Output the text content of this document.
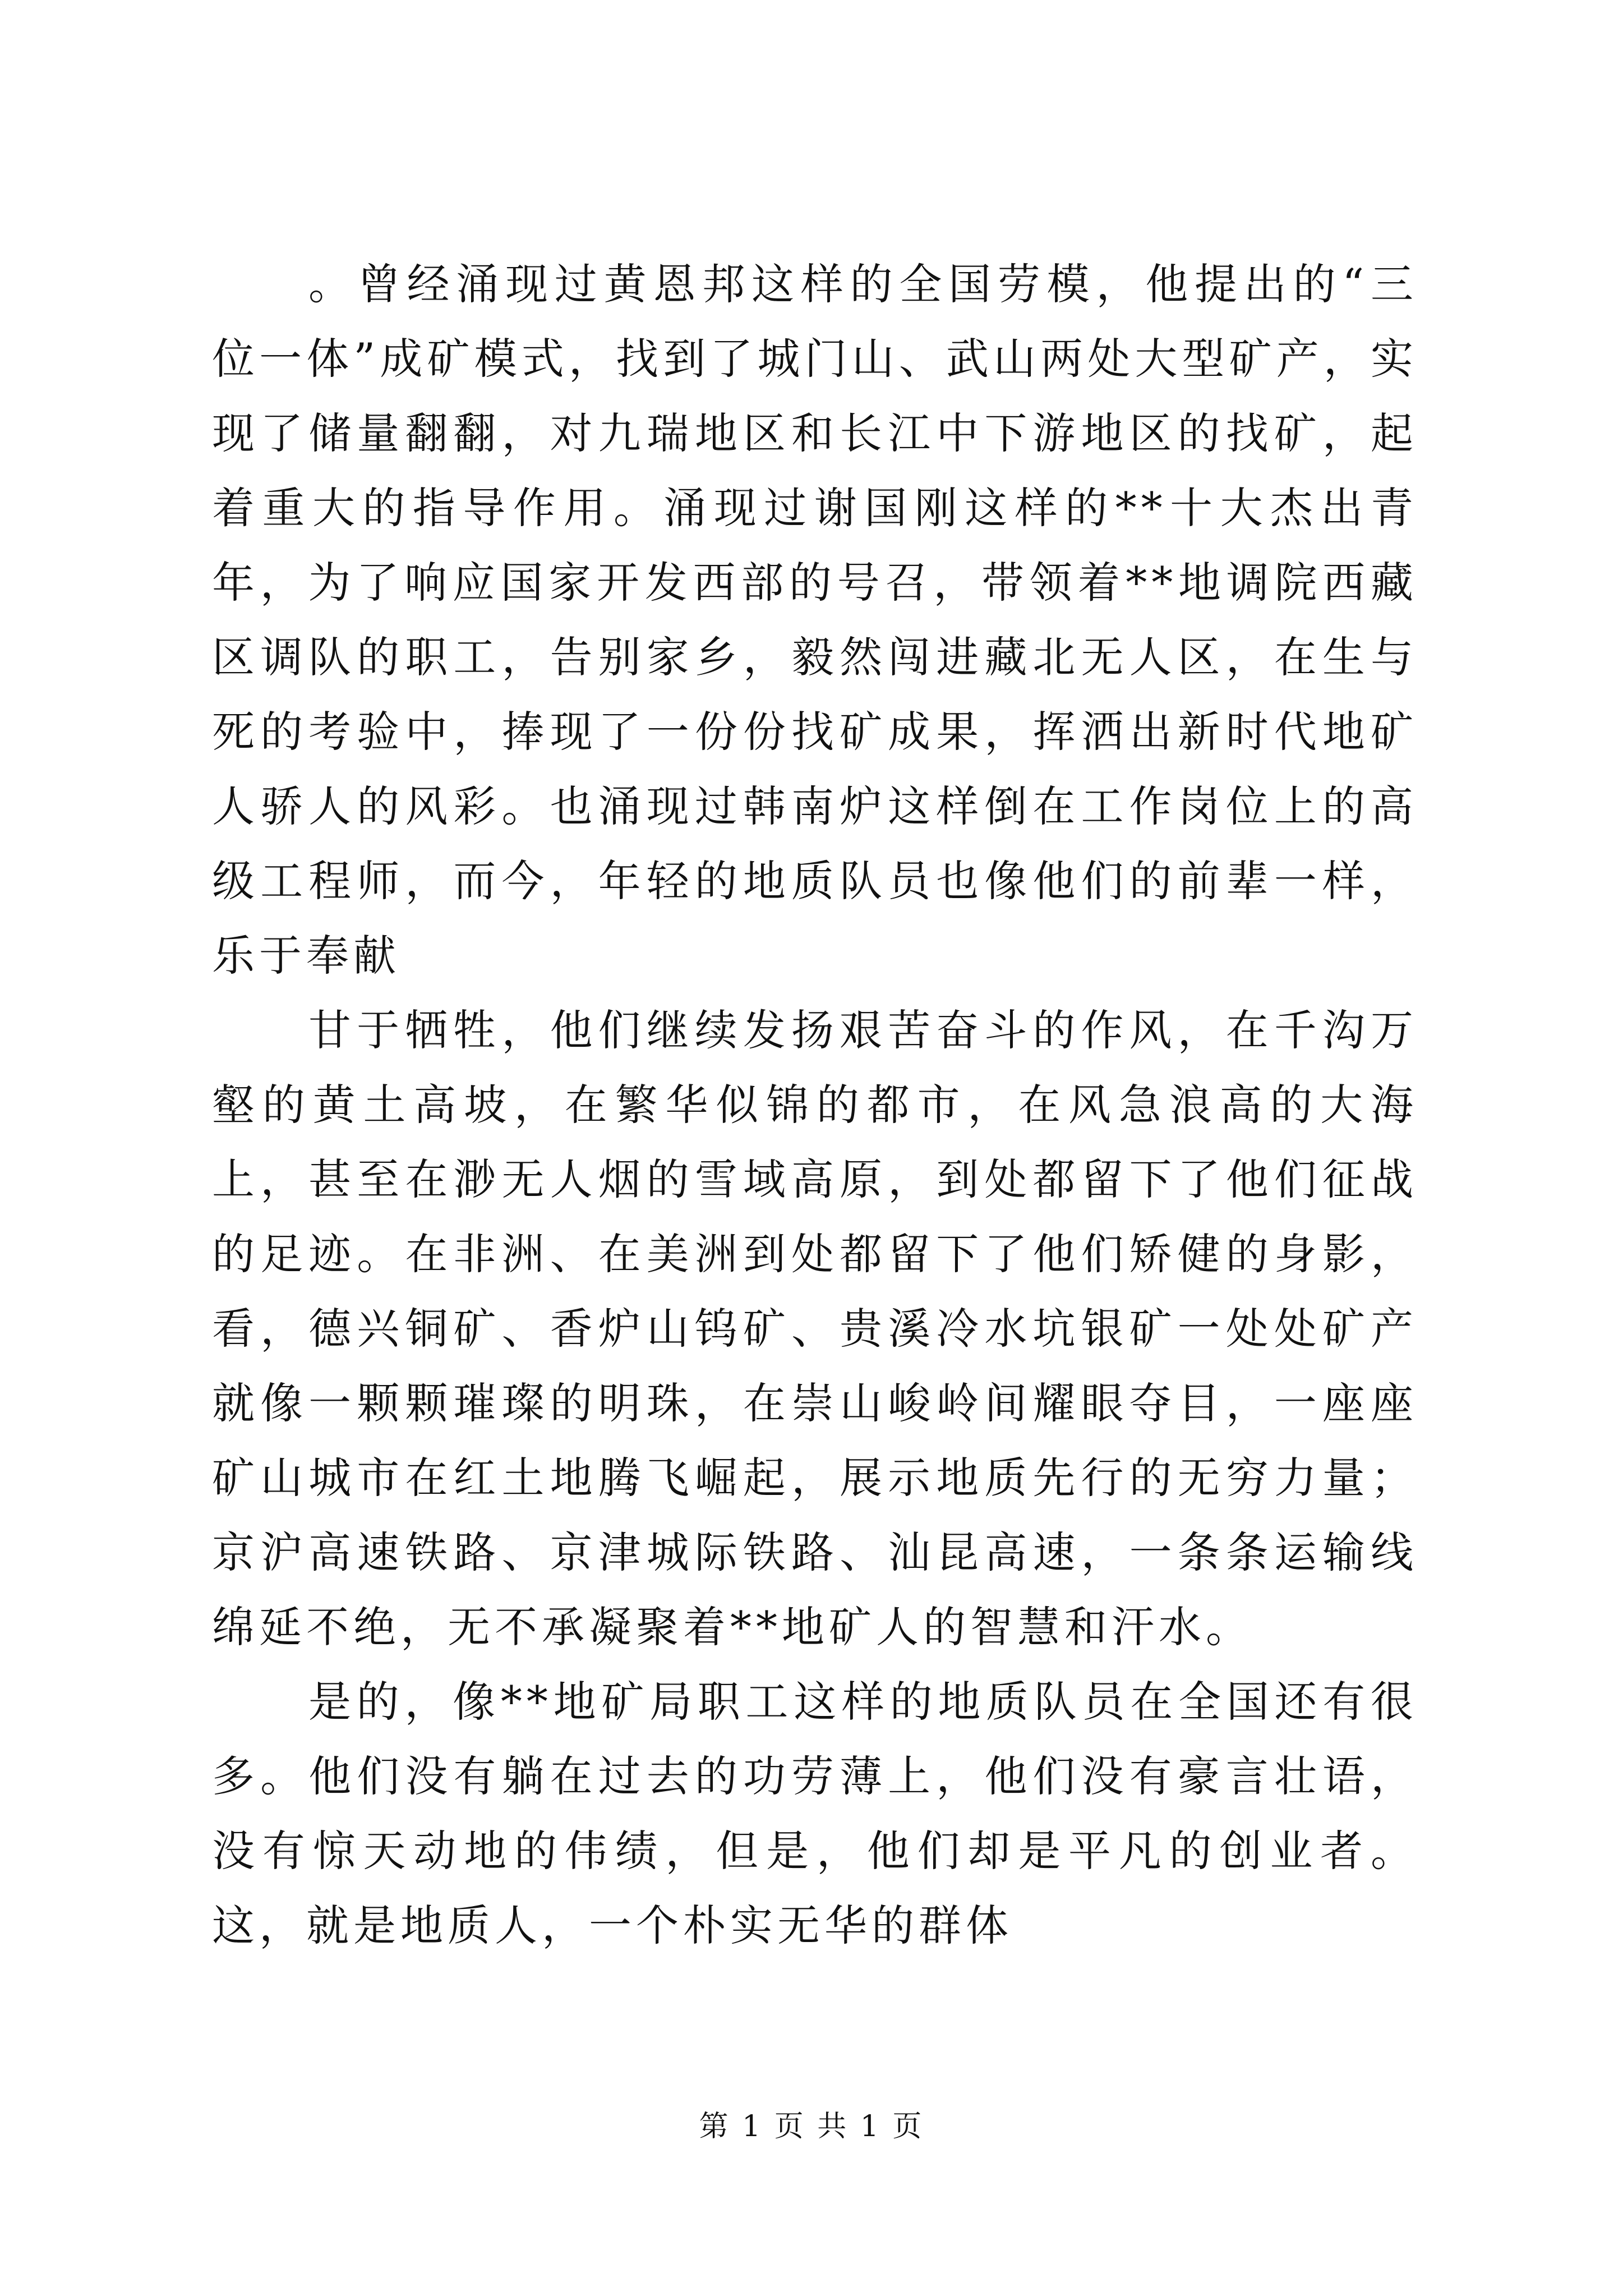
。曾经涌现过黄恩邦这样的全国劳模，他提出的“三位一体”成矿模式，找到了城门山、武山两处大型矿产，实现了储量翻翻，对九瑞地区和长江中下游地区的找矿，起着重大的指导作用。涌现过谢国刚这样的**十大杰出青年，为了响应国家开发西部的号召，带领着**地调院西藏区调队的职工，告别家乡，毅然闯进藏北无人区，在生与死的考验中，捧现了一份份找矿成果，挥洒出新时代地矿人骄人的风彩。也涌现过韩南炉这样倒在工作岗位上的高级工程师，而今，年轻的地质队员也像他们的前辈一样，乐于奉献

甘于牺牲，他们继续发扬艰苦奋斗的作风，在千沟万壑的黄土高坡，在繁华似锦的都市，在风急浪高的大海上，甚至在渺无人烟的雪域高原，到处都留下了他们征战的足迹。在非洲、在美洲到处都留下了他们矫健的身影，看，德兴铜矿、香炉山钨矿、贵溪冷水坑银矿一处处矿产就像一颗颗璀璨的明珠，在崇山峻岭间耀眼夺目，一座座矿山城市在红土地腾飞崛起，展示地质先行的无穷力量；京沪高速铁路、京津城际铁路、汕昆高速，一条条运输线绵延不绝，无不承凝聚着**地矿人的智慧和汗水。

是的，像**地矿局职工这样的地质队员在全国还有很多。他们没有躺在过去的功劳薄上，他们没有豪言壮语，没有惊天动地的伟绩，但是，他们却是平凡的创业者。这，就是地质人，一个朴实无华的群体

第 1 页 共 1 页
